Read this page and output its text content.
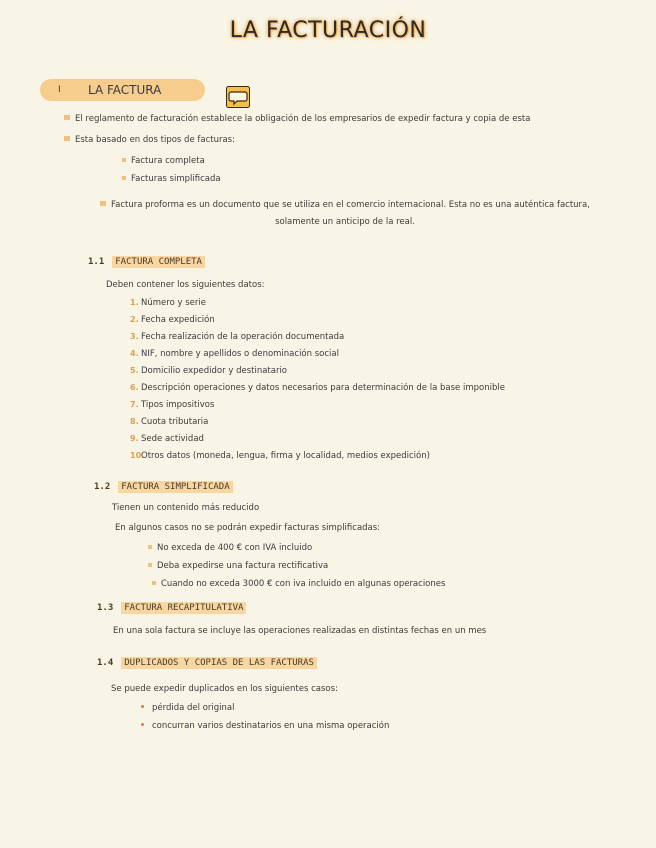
LA FACTURACIÓN
I LA FACTURA
El reglamento de facturación establece la obligación de los empresarios de expedir factura y copia de esta
Esta basado en dos tipos de facturas:
Factura completa
Facturas simplificada
Factura proforma es un documento que se utiliza en el comercio internacional. Esta no es una auténtica factura,
solamente un anticipo de la real.
1.1 FACTURA COMPLETA
Deben contener los siguientes datos:
1. Número y serie
2. Fecha expedición
3. Fecha realización de la operación documentada
4. NIF, nombre y apellidos o denominación social
5. Domicilio expedidor y destinatario
6. Descripción operaciones y datos necesarios para determinación de la base imponible
7. Tipos impositivos
8. Cuota tributaria
9. Sede actividad
10.Otros datos (moneda, lengua, firma y localidad, medios expedición)
1.2 FACTURA SIMPLIFICADA
Tienen un contenido más reducido
En algunos casos no se podrán expedir facturas simplificadas:
No exceda de 400 € con IVA incluido
Deba expedirse una factura rectificativa
Cuando no exceda 3000 € con iva incluido en algunas operaciones
1.3 FACTURA RECAPITULATIVA
En una sola factura se incluye las operaciones realizadas en distintas fechas en un mes
1.4 DUPLICADOS Y COPIAS DE LAS FACTURAS
Se puede expedir duplicados en los siguientes casos:
pérdida del original
concurran varios destinatarios en una misma operación
